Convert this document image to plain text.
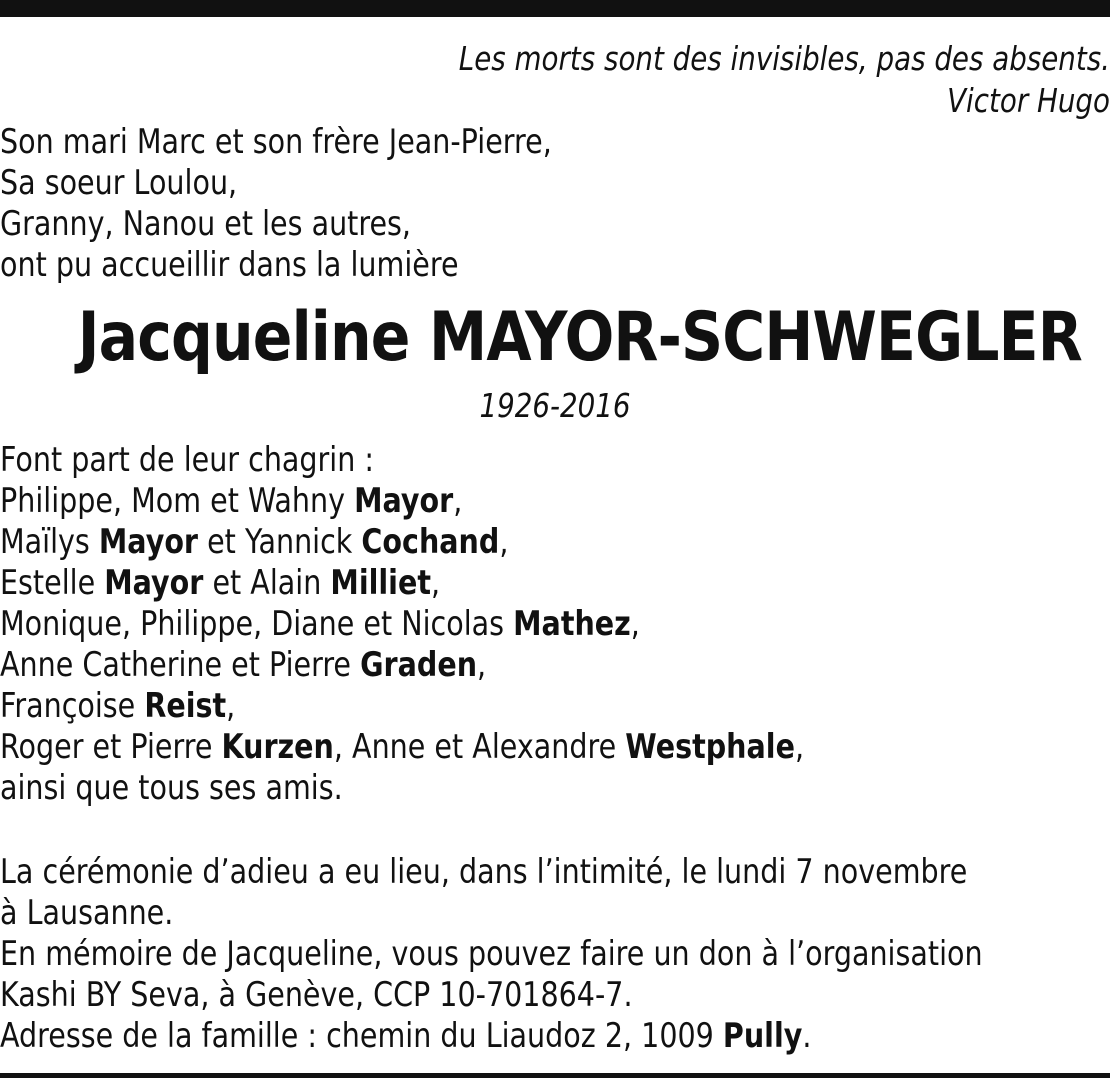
Les morts sont des invisibles, pas des absents.
Victor Hugo
Son mari Marc et son frère Jean-Pierre,
Sa soeur Loulou,
Granny, Nanou et les autres,
ont pu accueillir dans la lumière
Jacqueline MAYOR-SCHWEGLER
1926-2016
Font part de leur chagrin :
Philippe, Mom et Wahny Mayor,
Maïlys Mayor et Yannick Cochand,
Estelle Mayor et Alain Milliet,
Monique, Philippe, Diane et Nicolas Mathez,
Anne Catherine et Pierre Graden,
Françoise Reist,
Roger et Pierre Kurzen, Anne et Alexandre Westphale,
ainsi que tous ses amis.
La cérémonie d’adieu a eu lieu, dans l’intimité, le lundi 7 novembre
à Lausanne.
En mémoire de Jacqueline, vous pouvez faire un don à l’organisation
Kashi BY Seva, à Genève, CCP 10-701864-7.
Adresse de la famille : chemin du Liaudoz 2, 1009 Pully.
